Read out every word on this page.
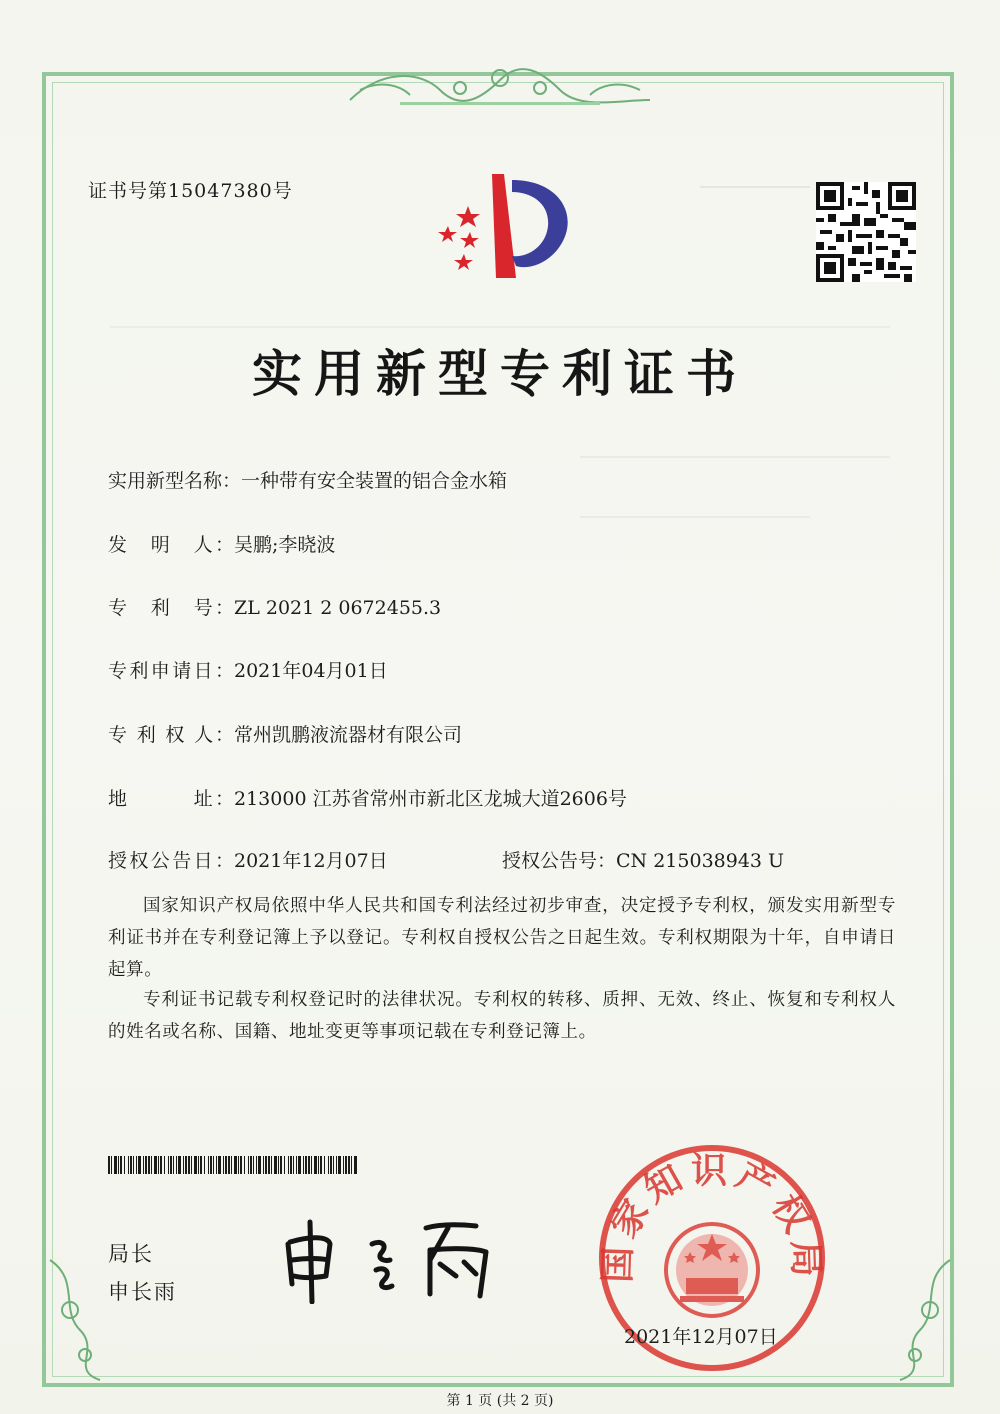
证书号第15047380号
实用新型专利证书
实用新型名称：一种带有安全装置的铝合金水箱
发　明　人：吴鹏;李晓波
专　利　号：ZL 2021 2 0672455.3
专利申请日：2021年04月01日
专 利 权 人：常州凯鹏液流器材有限公司
地　　　址：213000 江苏省常州市新北区龙城大道2606号
授权公告日：2021年12月07日	授权公告号：CN 215038943 U
国家知识产权局依照中华人民共和国专利法经过初步审查，决定授予专利权，颁发实用新型专利证书并在专利登记簿上予以登记。专利权自授权公告之日起生效。专利权期限为十年，自申请日起算。
专利证书记载专利权登记时的法律状况。专利权的转移、质押、无效、终止、恢复和专利权人的姓名或名称、国籍、地址变更等事项记载在专利登记簿上。
局长
申长雨
国家知识产权局
2021年12月07日
第 1 页 (共 2 页)
